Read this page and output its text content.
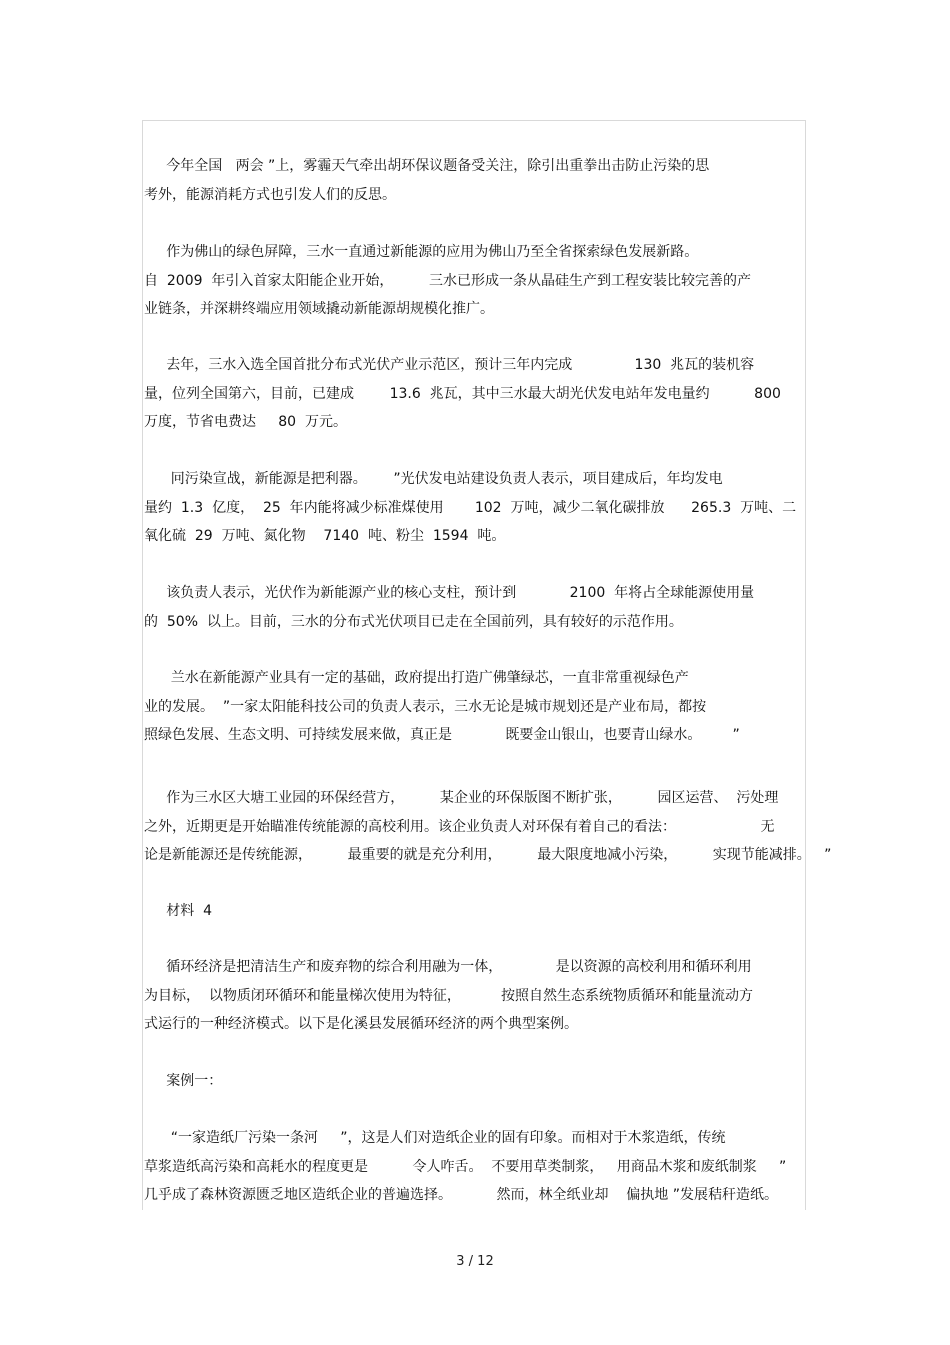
今年全国   两会 ”上，雾霾天气牵出胡环保议题备受关注，除引出重拳出击防止污染的思
考外，能源消耗方式也引发人们的反思。
作为佛山的绿色屏障，三水一直通过新能源的应用为佛山乃至全省探索绿色发展新路。
自  2009  年引入首家太阳能企业开始，        三水已形成一条从晶硅生产到工程安装比较完善的产
业链条，并深耕终端应用领域撬动新能源胡规模化推广。
去年，三水入选全国首批分布式光伏产业示范区，预计三年内完成              130  兆瓦的装机容
量，位列全国第六，目前，已建成        13.6  兆瓦，其中三水最大胡光伏发电站年发电量约          800
万度，节省电费达     80  万元。
冋污染宣战，新能源是把利器。      ”光伏发电站建设负责人表示，项目建成后，年均发电
量约  1.3  亿度，  25  年内能将减少标准煤使用       102  万吨，减少二氧化碳排放      265.3  万吨、二
氧化硫  29  万吨、氮化物    7140  吨、粉尘  1594  吨。
该负责人表示，光伏作为新能源产业的核心支柱，预计到            2100  年将占全球能源使用量
的  50%  以上。目前，三水的分布式光伏项目已走在全国前列，具有较好的示范作用。
兰水在新能源产业具有一定的基础，政府提出打造广佛肇绿芯，一直非常重视绿色产
业的发展。  ”一家太阳能科技公司的负责人表示，三水无论是城市规划还是产业布局，都按
照绿色发展、生态文明、可持续发展来做，真正是            既要金山银山，也要青山绿水。       ”
作为三水区大塘工业园的环保经营方，        某企业的环保版图不断扩张，        园区运营、  污处理
之外，近期更是开始瞄准传统能源的高校利用。该企业负责人对环保有着自己的看法：                   无
论是新能源还是传统能源，        最重要的就是充分利用，        最大限度地减小污染，        实现节能减排。   ”
材料  4
循环经济是把清洁生产和废弃物的综合利用融为一体，            是以资源的高校利用和循环利用
为目标，  以物质闭环循环和能量梯次使用为特征，         按照自然生态系统物质循环和能量流动方
式运行的一种经济模式。以下是化溪县发展循环经济的两个典型案例。
案例一：
“一家造纸厂污染一条河     ”，这是人们对造纸企业的固有印象。而相对于木浆造纸，传统
草浆造纸高污染和高耗水的程度更是          令人咋舌。  不要用草类制浆，   用商品木浆和废纸制浆     ”
几乎成了森林资源匮乏地区造纸企业的普遍选择。          然而，林全纸业却    偏执地 ”发展秸秆造纸。
3 / 12
